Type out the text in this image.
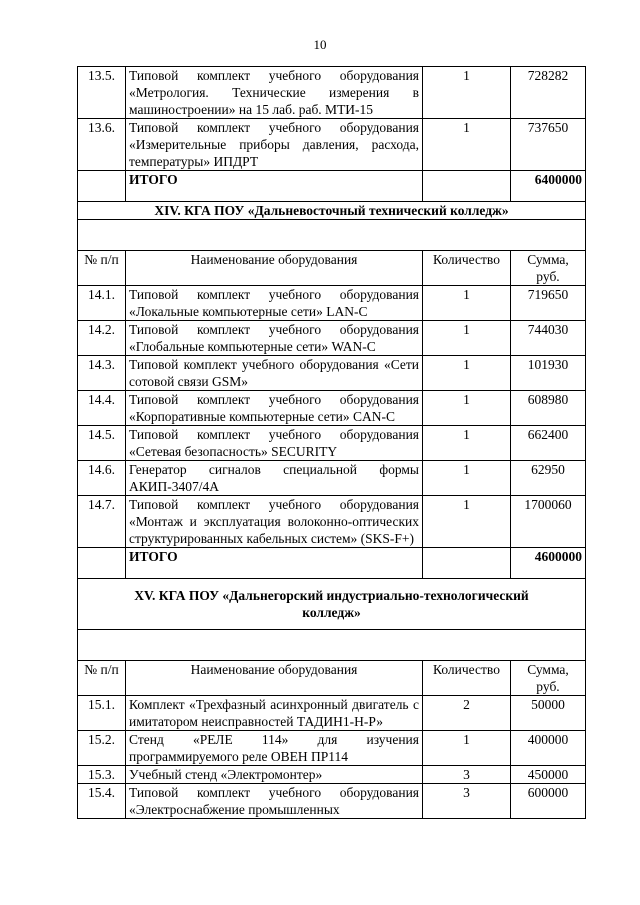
10
13.5.	Типовой комплект учебного оборудования «Метрология. Технические измерения в машиностроении» на 15 лаб. раб. МТИ-15	1	728282
13.6.	Типовой комплект учебного оборудования «Измерительные приборы давления, расхода, температуры» ИПДРТ	1	737650
	ИТОГО		6400000
XIV. КГА ПОУ «Дальневосточный технический колледж»			

№ п/п	Наименование оборудования	Количество	Сумма, руб.
14.1.	Типовой комплект учебного оборудования «Локальные компьютерные сети» LAN-C	1	719650
14.2.	Типовой комплект учебного оборудования «Глобальные компьютерные сети» WAN-C	1	744030
14.3.	Типовой комплект учебного оборудования «Сети сотовой связи GSM»	1	101930
14.4.	Типовой комплект учебного оборудования «Корпоративные компьютерные сети» CAN-C	1	608980
14.5.	Типовой комплект учебного оборудования «Сетевая безопасность» SECURITY	1	662400
14.6.	Генератор сигналов специальной формы АКИП-3407/4А	1	62950
14.7.	Типовой комплект учебного оборудования «Монтаж и эксплуатация волоконно-оптических структурированных кабельных систем» (SKS-F+)	1	1700060
	ИТОГО		4600000
XV. КГА ПОУ «Дальнегорский индустриально-технологический колледж»			

№ п/п	Наименование оборудования	Количество	Сумма, руб.
15.1.	Комплект «Трехфазный асинхронный двигатель с имитатором неисправностей ТАДИН1-Н-Р»	2	50000
15.2.	Стенд «РЕЛЕ 114» для изучения программируемого реле ОВЕН ПР114	1	400000
15.3.	Учебный стенд «Электромонтер»	3	450000
15.4.	Типовой комплект учебного оборудования «Электроснабжение промышленных	3	600000
